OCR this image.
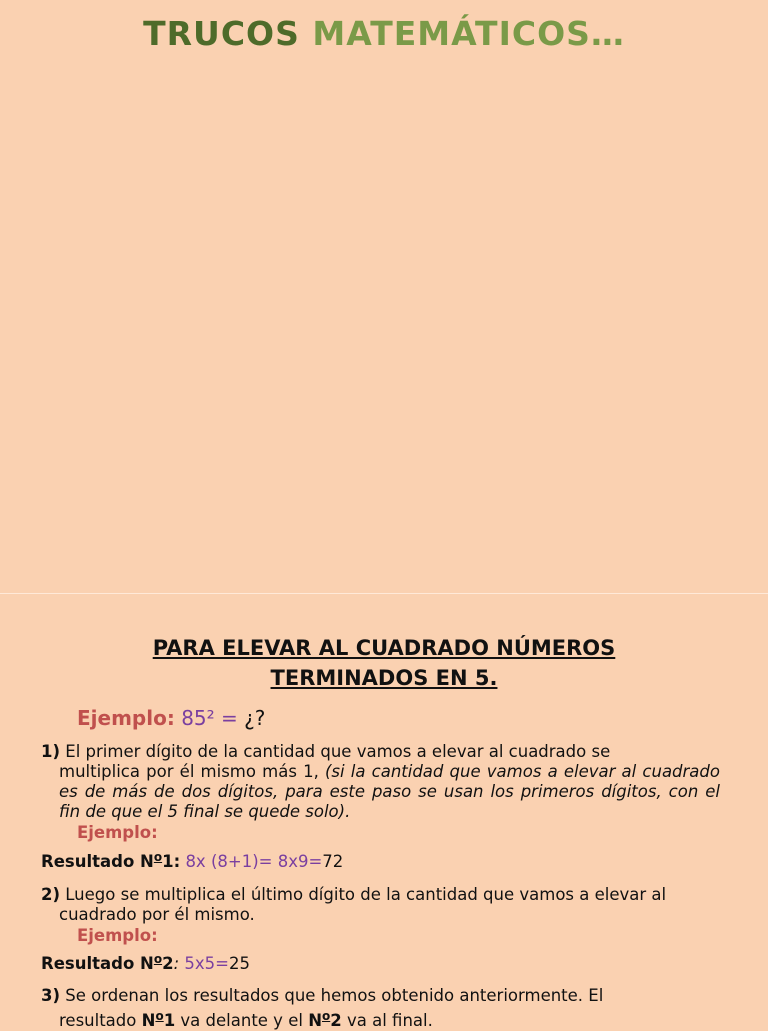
TRUCOS MATEMÁTICOS…
PARA ELEVAR AL CUADRADO NÚMEROS
TERMINADOS EN 5.
Ejemplo: 85² = ¿?
1) El primer dígito de la cantidad que vamos a elevar al cuadrado se
multiplica por él mismo más 1, (si la cantidad que vamos a elevar al cuadrado es de más de dos dígitos, para este paso se usan los primeros dígitos, con el fin de que el 5 final se quede solo).
Ejemplo:
Resultado $N^o1$: 8x (8+1)= 8x9=72
2) Luego se multiplica el último dígito de la cantidad que vamos a elevar al
cuadrado por él mismo.
Ejemplo:
Resultado $N^o2$: 5x5=25
3) Se ordenan los resultados que hemos obtenido anteriormente. El
resultado $N^o1$ va delante y el $N^o2$ va al final.
